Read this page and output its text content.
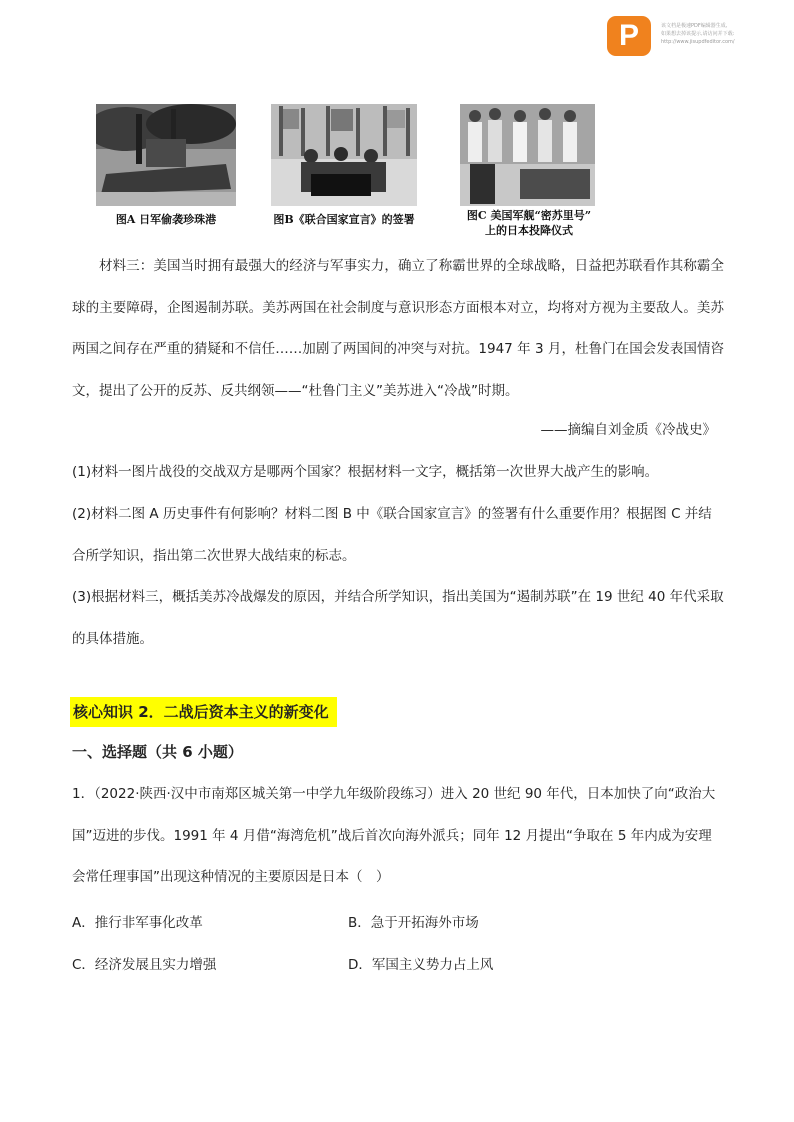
P	该文档是极速PDF编辑器生成,
如果想去掉该提示,请访问并下载:
http://www.jisupdfeditor.com/
图A 日军偷袭珍珠港	图B《联合国家宣言》的签署	图C 美国军舰“密苏里号”
上的日本投降仪式

材料三：美国当时拥有最强大的经济与军事实力，确立了称霸世界的全球战略，日益把苏联看作其称霸全球的主要障碍，企图遏制苏联。美苏两国在社会制度与意识形态方面根本对立，均将对方视为主要敌人。美苏两国之间存在严重的猜疑和不信任……加剧了两国间的冲突与对抗。1947 年 3 月，杜鲁门在国会发表国情咨文，提出了公开的反苏、反共纲领——“杜鲁门主义”美苏进入“冷战”时期。

——摘编自刘金质《冷战史》

(1)材料一图片战役的交战双方是哪两个国家？根据材料一文字，概括第一次世界大战产生的影响。

(2)材料二图 A 历史事件有何影响？材料二图 B 中《联合国家宣言》的签署有什么重要作用？根据图 C 并结合所学知识，指出第二次世界大战结束的标志。

(3)根据材料三，概括美苏冷战爆发的原因，并结合所学知识，指出美国为“遏制苏联”在 19 世纪 40 年代采取的具体措施。

核心知识 2．二战后资本主义的新变化
一、选择题（共 6 小题）

1．（2022·陕西·汉中市南郑区城关第一中学九年级阶段练习）进入 20 世纪 90 年代，日本加快了向“政治大国”迈进的步伐。1991 年 4 月借“海湾危机”战后首次向海外派兵；同年 12 月提出“争取在 5 年内成为安理会常任理事国”出现这种情况的主要原因是日本（　）

A．推行非军事化改革	B．急于开拓海外市场
C．经济发展且实力增强	D．军国主义势力占上风
